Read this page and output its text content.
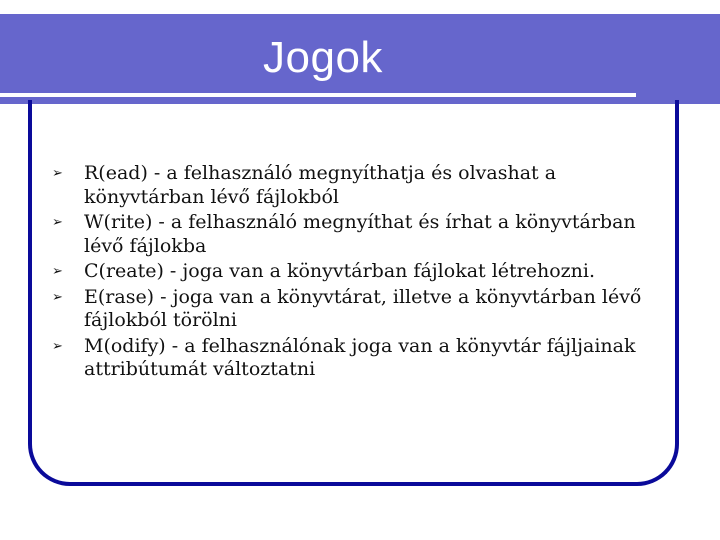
Jogok
➢ R(ead) - a felhasználó megnyíthatja és olvashat a könyvtárban lévő fájlokból
➢ W(rite) - a felhasználó megnyíthat és írhat a könyvtárban lévő fájlokba
➢ C(reate) - joga van a könyvtárban fájlokat létrehozni.
➢ E(rase) - joga van a könyvtárat, illetve a könyvtárban lévő fájlokból törölni
➢ M(odify) - a felhasználónak joga van a könyvtár fájljainak attribútumát változtatni
